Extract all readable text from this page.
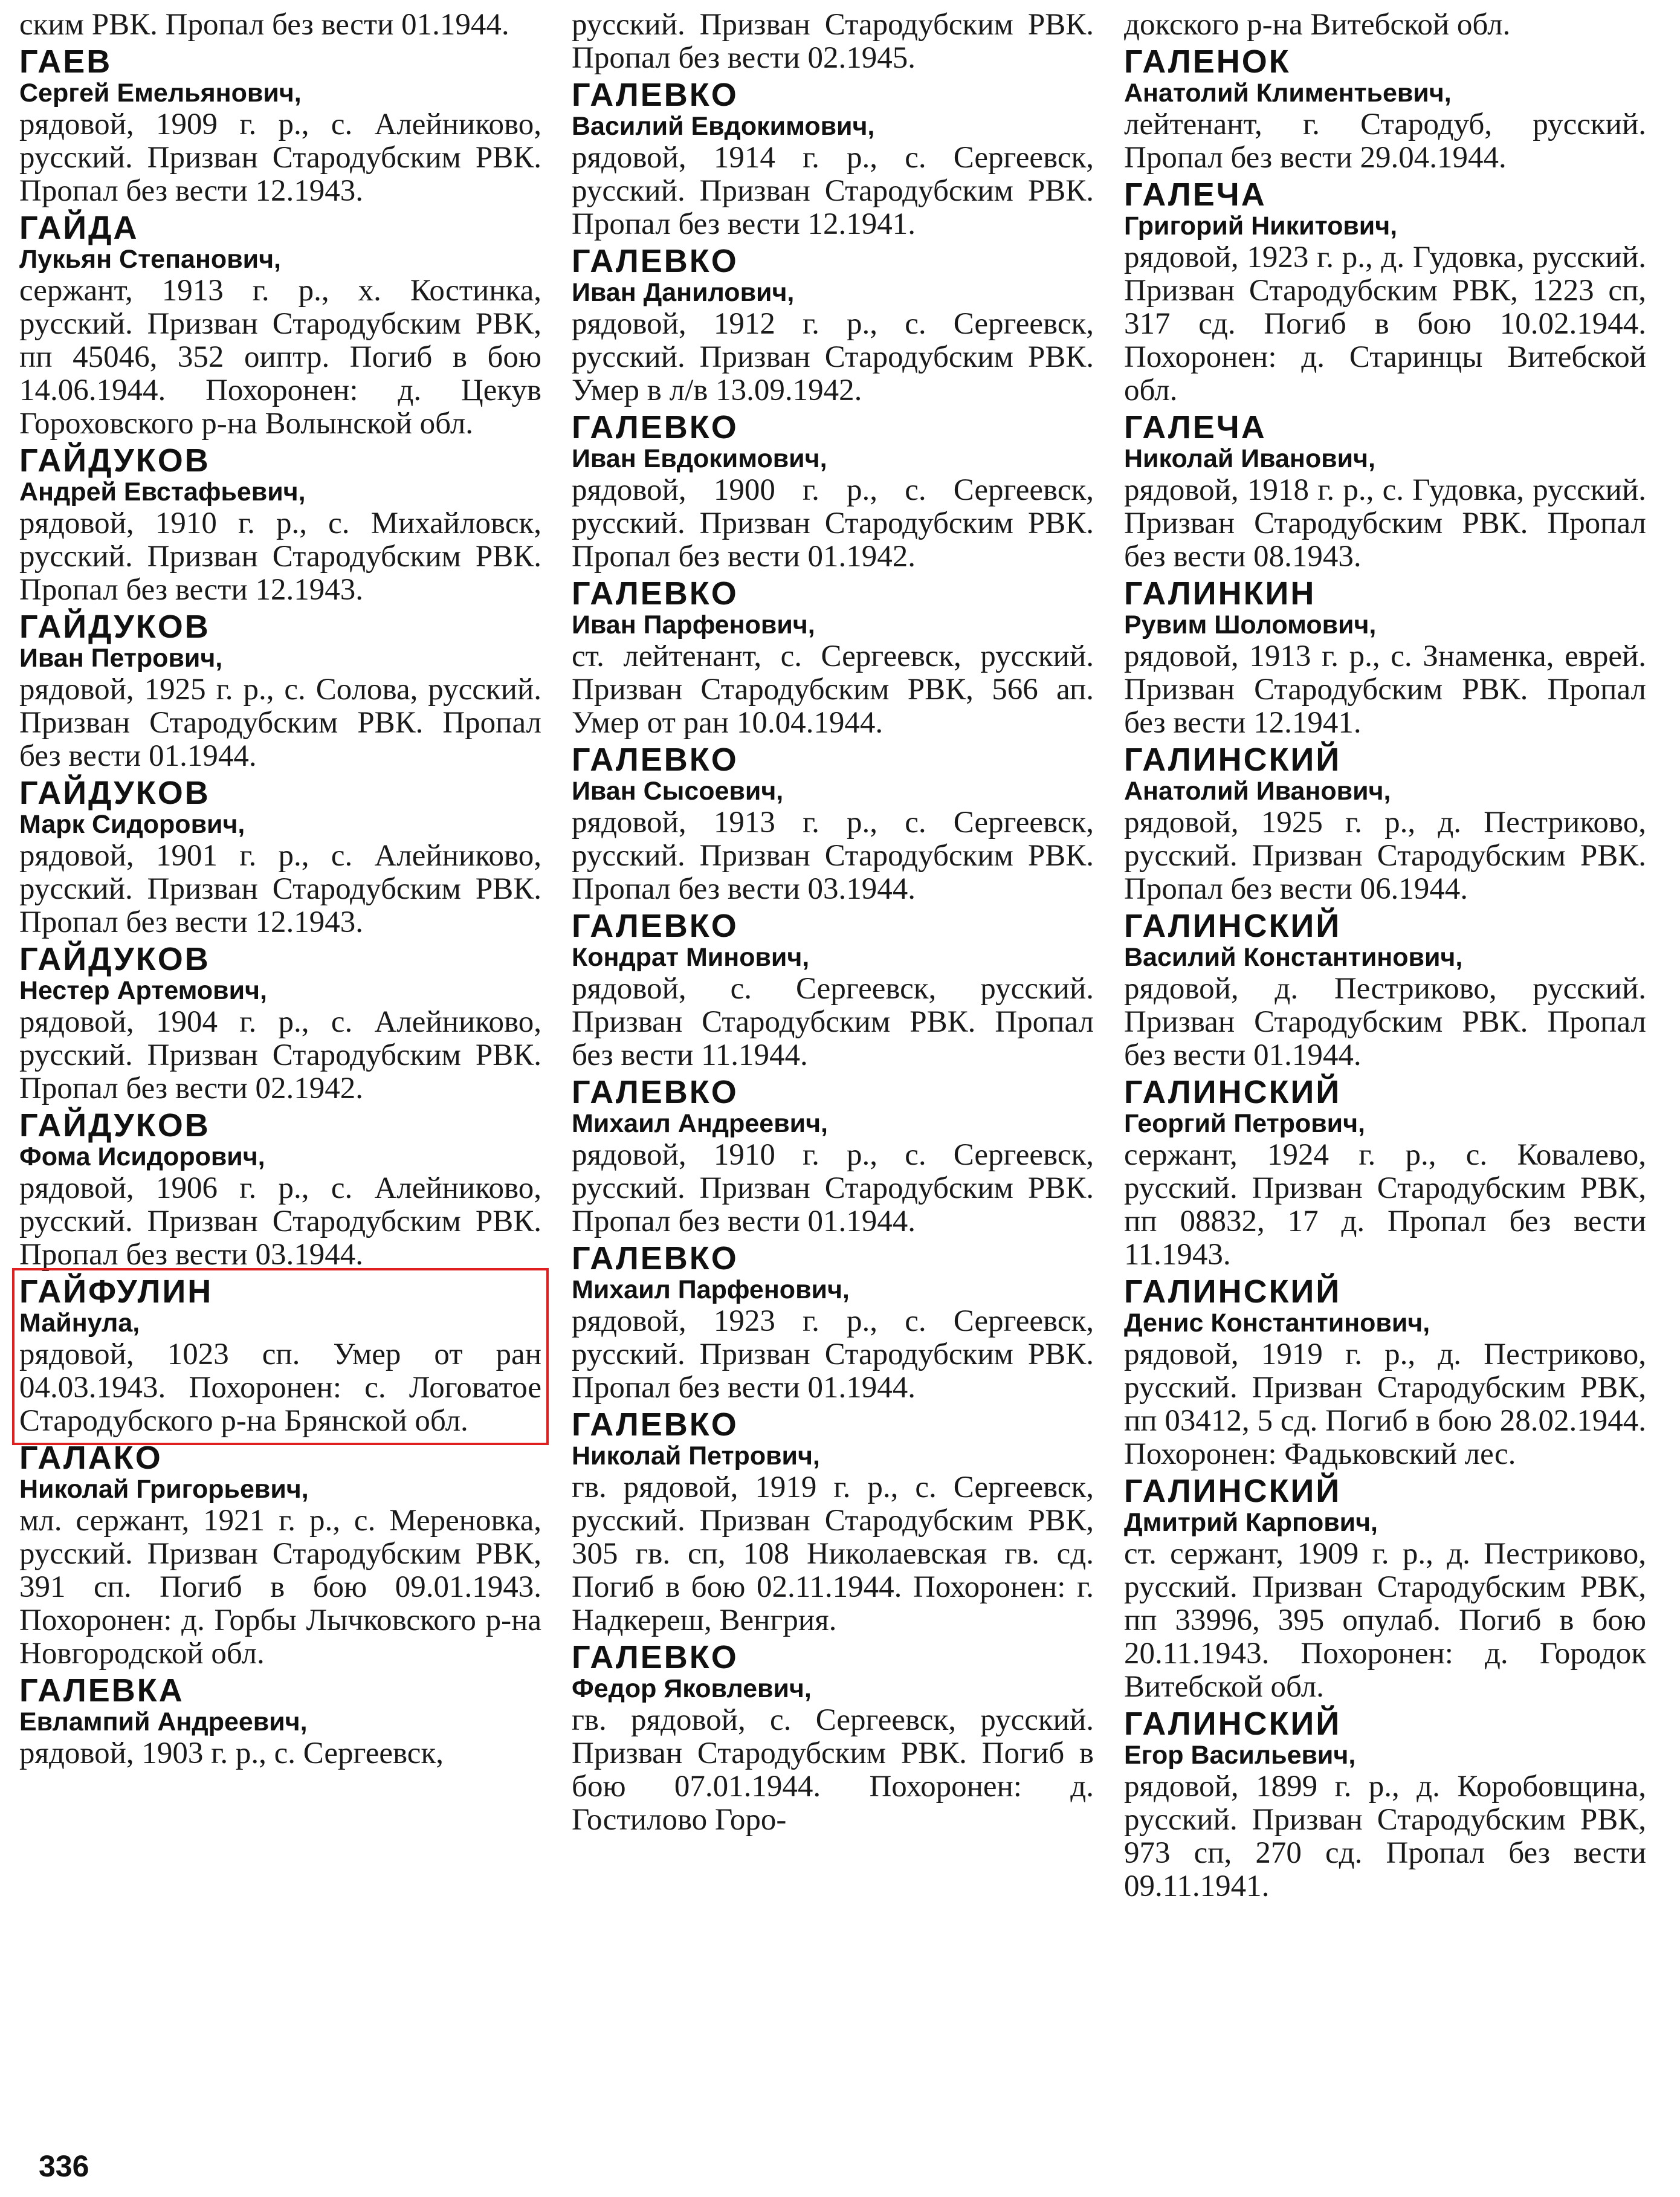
ским РВК. Пропал без вести 01.1944.
ГАЕВ
Сергей Емельянович,
рядовой, 1909 г. р., с. Алейниково, русский. Призван Стародубским РВК. Пропал без вести 12.1943.
ГАЙДА
Лукьян Степанович,
сержант, 1913 г. р., х. Костинка, русский. Призван Стародубским РВК, пп 45046, 352 оиптр. Погиб в бою 14.06.1944. Похоронен: д. Цекув Гороховского р-на Волынской обл.
ГАЙДУКОВ
Андрей Евстафьевич,
рядовой, 1910 г. р., с. Михайловск, русский. Призван Стародубским РВК. Пропал без вести 12.1943.
ГАЙДУКОВ
Иван Петрович,
рядовой, 1925 г. р., с. Солова, русский. Призван Стародубским РВК. Пропал без вести 01.1944.
ГАЙДУКОВ
Марк Сидорович,
рядовой, 1901 г. р., с. Алейниково, русский. Призван Стародубским РВК. Пропал без вести 12.1943.
ГАЙДУКОВ
Нестер Артемович,
рядовой, 1904 г. р., с. Алейниково, русский. Призван Стародубским РВК. Пропал без вести 02.1942.
ГАЙДУКОВ
Фома Исидорович,
рядовой, 1906 г. р., с. Алейниково, русский. Призван Стародубским РВК. Пропал без вести 03.1944.
ГАЙФУЛИН
Майнула,
рядовой, 1023 сп. Умер от ран 04.03.1943. Похоронен: с. Логоватое Стародубского р-на Брянской обл.
ГАЛАКО
Николай Григорьевич,
мл. сержант, 1921 г. р., с. Мереновка, русский. Призван Стародубским РВК, 391 сп. Погиб в бою 09.01.1943. Похоронен: д. Горбы Лычковского р-на Новгородской обл.
ГАЛЕВКА
Евлампий Андреевич,
рядовой, 1903 г. р., с. Сергеевск,
русский. Призван Стародубским РВК. Пропал без вести 02.1945.
ГАЛЕВКО
Василий Евдокимович,
рядовой, 1914 г. р., с. Сергеевск, русский. Призван Стародубским РВК. Пропал без вести 12.1941.
ГАЛЕВКО
Иван Данилович,
рядовой, 1912 г. р., с. Сергеевск, русский. Призван Стародубским РВК. Умер в л/в 13.09.1942.
ГАЛЕВКО
Иван Евдокимович,
рядовой, 1900 г. р., с. Сергеевск, русский. Призван Стародубским РВК. Пропал без вести 01.1942.
ГАЛЕВКО
Иван Парфенович,
ст. лейтенант, с. Сергеевск, русский. Призван Стародубским РВК, 566 ап. Умер от ран 10.04.1944.
ГАЛЕВКО
Иван Сысоевич,
рядовой, 1913 г. р., с. Сергеевск, русский. Призван Стародубским РВК. Пропал без вести 03.1944.
ГАЛЕВКО
Кондрат Минович,
рядовой, с. Сергеевск, русский. Призван Стародубским РВК. Пропал без вести 11.1944.
ГАЛЕВКО
Михаил Андреевич,
рядовой, 1910 г. р., с. Сергеевск, русский. Призван Стародубским РВК. Пропал без вести 01.1944.
ГАЛЕВКО
Михаил Парфенович,
рядовой, 1923 г. р., с. Сергеевск, русский. Призван Стародубским РВК. Пропал без вести 01.1944.
ГАЛЕВКО
Николай Петрович,
гв. рядовой, 1919 г. р., с. Сергеевск, русский. Призван Стародубским РВК, 305 гв. сп, 108 Николаевская гв. сд. Погиб в бою 02.11.1944. Похоронен: г. Надкереш, Венгрия.
ГАЛЕВКО
Федор Яковлевич,
гв. рядовой, с. Сергеевск, русский. Призван Стародубским РВК. Погиб в бою 07.01.1944. Похоронен: д. Гостилово Горо-
докского р-на Витебской обл.
ГАЛЕНОК
Анатолий Климентьевич,
лейтенант, г. Стародуб, русский. Пропал без вести 29.04.1944.
ГАЛЕЧА
Григорий Никитович,
рядовой, 1923 г. р., д. Гудовка, русский. Призван Стародубским РВК, 1223 сп, 317 сд. Погиб в бою 10.02.1944. Похоронен: д. Старинцы Витебской обл.
ГАЛЕЧА
Николай Иванович,
рядовой, 1918 г. р., с. Гудовка, русский. Призван Стародубским РВК. Пропал без вести 08.1943.
ГАЛИНКИН
Рувим Шоломович,
рядовой, 1913 г. р., с. Знаменка, еврей. Призван Стародубским РВК. Пропал без вести 12.1941.
ГАЛИНСКИЙ
Анатолий Иванович,
рядовой, 1925 г. р., д. Пестриково, русский. Призван Стародубским РВК. Пропал без вести 06.1944.
ГАЛИНСКИЙ
Василий Константинович,
рядовой, д. Пестриково, русский. Призван Стародубским РВК. Пропал без вести 01.1944.
ГАЛИНСКИЙ
Георгий Петрович,
сержант, 1924 г. р., с. Ковалево, русский. Призван Стародубским РВК, пп 08832, 17 д. Пропал без вести 11.1943.
ГАЛИНСКИЙ
Денис Константинович,
рядовой, 1919 г. р., д. Пестриково, русский. Призван Стародубским РВК, пп 03412, 5 сд. Погиб в бою 28.02.1944. Похоронен: Фадьковский лес.
ГАЛИНСКИЙ
Дмитрий Карпович,
ст. сержант, 1909 г. р., д. Пестриково, русский. Призван Стародубским РВК, пп 33996, 395 опулаб. Погиб в бою 20.11.1943. Похоронен: д. Городок Витебской обл.
ГАЛИНСКИЙ
Егор Васильевич,
рядовой, 1899 г. р., д. Коробовщина, русский. Призван Стародубским РВК, 973 сп, 270 сд. Пропал без вести 09.11.1941.
336
